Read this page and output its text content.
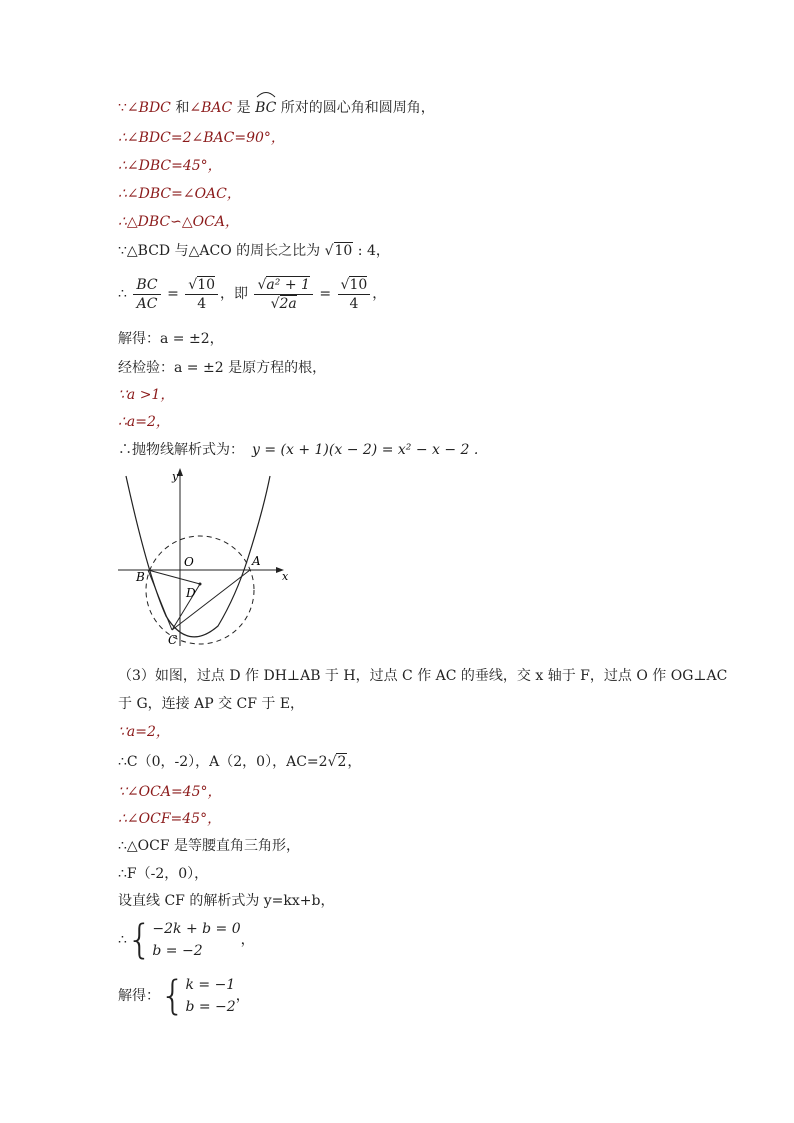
∵∠BDC 和∠BAC 是
BC 所对的圆心角和圆周角，
∴∠BDC=2∠BAC=90°，
∴∠DBC=45°，
∴∠DBC=∠OAC，
∴△DBC∽△OCA，
∵△BCD 与△ACO 的周长之比为 √10 : 4，
∴ $\frac{BC}{AC} = \frac{√10}{4}$ ，即 $\frac{\text{√a² + 1}}{√2a} = \frac{√10}{4}$ ，
解得：a = ±2，
经检验：a = ±2 是原方程的根，
∵a >1，
∴a=2，
∴抛物线解析式为： y = (x + 1)(x − 2) = x² − x − 2 .
y
x
O	A
B
C
D
（3）如图，过点 D 作 DH⊥AB 于 H，过点 C 作 AC 的垂线，交 x 轴于 F，过点 O 作 OG⊥AC
于 G，连接 AP 交 CF 于 E，
∵a=2，
∴C（0，-2），A（2，0），AC=2√2，
∵∠OCA=45°，
∴∠OCF=45°，
∴△OCF 是等腰直角三角形，
∴F（-2，0），
设直线 CF 的解析式为 y=kx+b，
∴ { −2k + b = 0
b = −2
，
解得： { k = −1
b = −2
，
